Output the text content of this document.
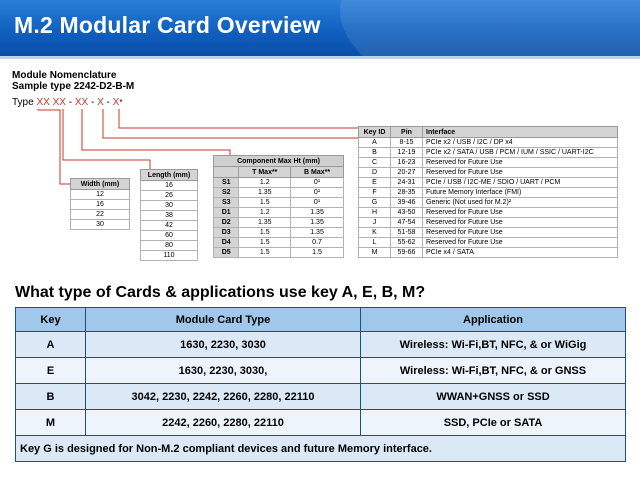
M.2 Modular Card Overview
Module Nomenclature
Sample type 2242-D2-B-M
Type XX XX - XX - X - X*
Width (mm)
12
16
22
30
Length (mm)
16
26
30
38
42
60
80
110
Component Max Ht (mm)		
	T Max**	B Max**
S1	1.2	0¹
S2	1.35	0¹
S3	1.5	0¹
D1	1.2	1.35
D2	1.35	1.35
D3	1.5	1.35
D4	1.5	0.7
D5	1.5	1.5
Key ID	Pin	Interface
A	8-15	PCIe x2 / USB / I2C / DP x4
B	12-19	PCIe x2 / SATA / USB / PCM / IUM / SSIC / UART-I2C
C	16-23	Reserved for Future Use
D	20-27	Reserved for Future Use
E	24-31	PCIe / USB / I2C-ME / SDIO / UART / PCM
F	28-35	Future Memory Interface (FMI)
G	39-46	Generic (Not used for M.2)²
H	43-50	Reserved for Future Use
J	47-54	Reserved for Future Use
K	51-58	Reserved for Future Use
L	55-62	Reserved for Future Use
M	59-66	PCIe x4 / SATA
What type of Cards & applications use key A, E, B, M?
Key	Module Card Type	Application
A	1630, 2230, 3030	Wireless: Wi-Fi,BT, NFC, & or WiGig
E	1630, 2230, 3030,	Wireless: Wi-Fi,BT, NFC, & or GNSS
B	3042, 2230, 2242, 2260, 2280, 22110	WWAN+GNSS or SSD
M	2242, 2260, 2280, 22110	SSD, PCIe or SATA
Key G is designed for Non-M.2 compliant devices and future Memory interface.		
